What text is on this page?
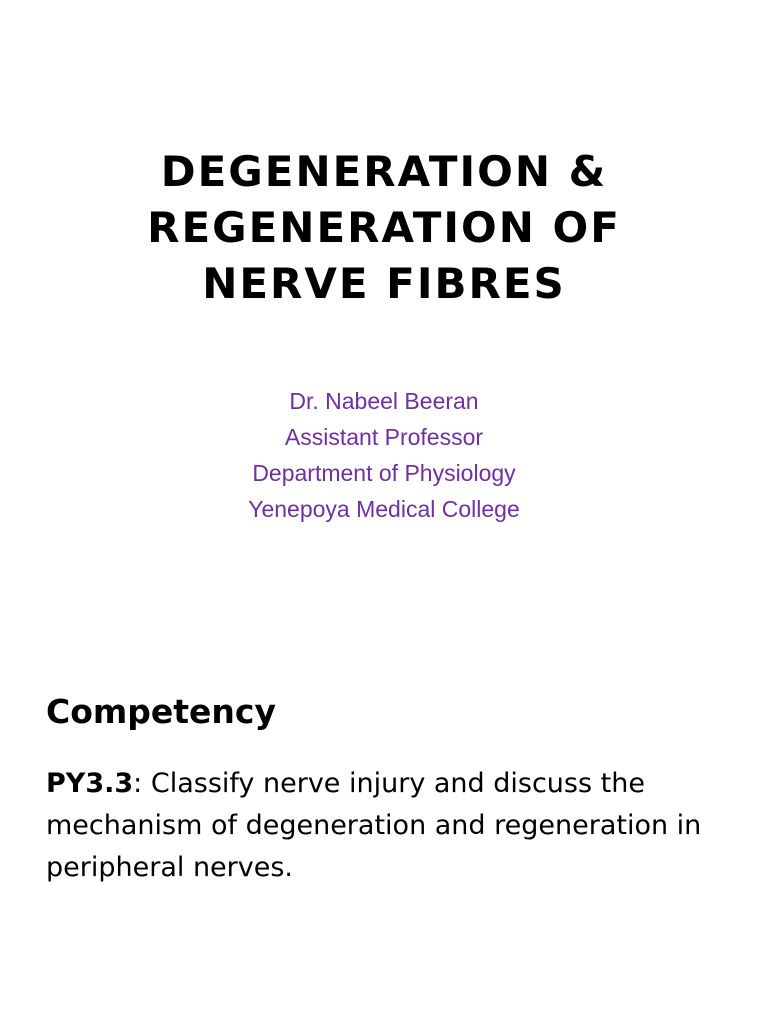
DEGENERATION &
REGENERATION OF
NERVE FIBRES
Dr. Nabeel Beeran
Assistant Professor
Department of Physiology
Yenepoya Medical College
Competency

PY3.3: Classify nerve injury and discuss the mechanism of degeneration and regeneration in peripheral nerves.
